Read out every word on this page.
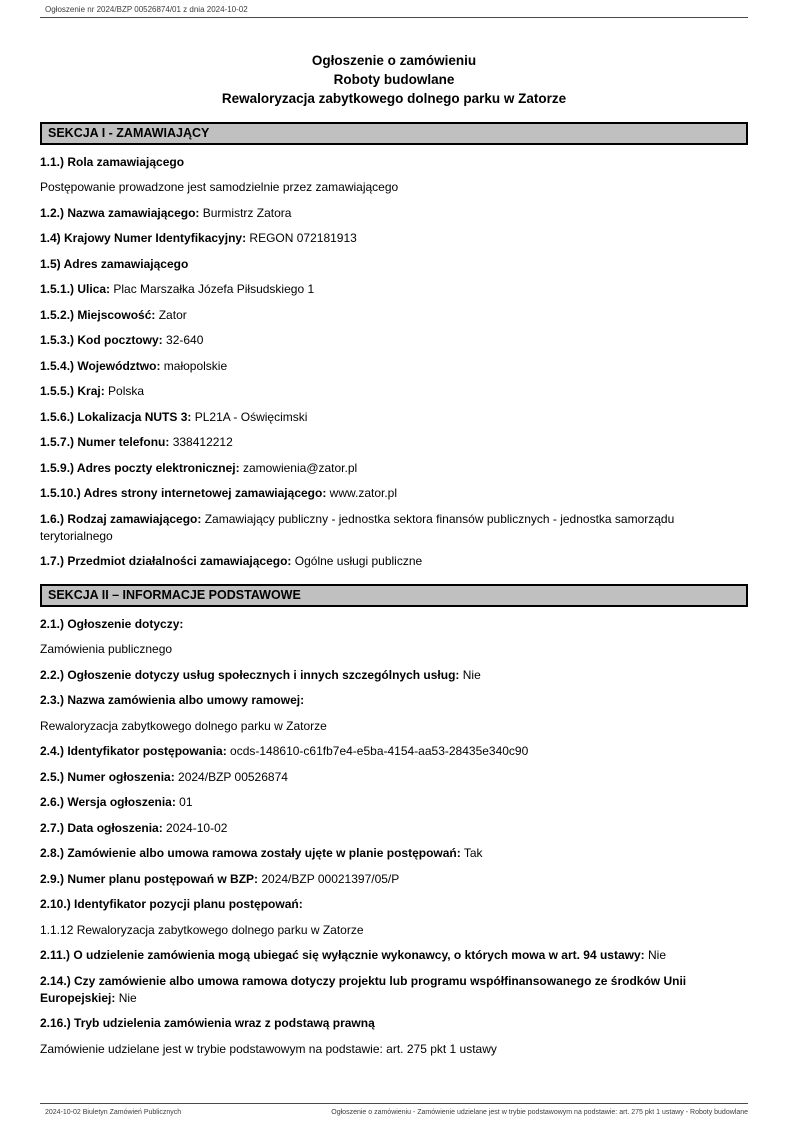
Ogłoszenie nr 2024/BZP 00526874/01 z dnia 2024-10-02
Ogłoszenie o zamówieniu
Roboty budowlane
Rewaloryzacja zabytkowego dolnego parku w Zatorze
SEKCJA I - ZAMAWIAJĄCY

1.1.) Rola zamawiającego

Postępowanie prowadzone jest samodzielnie przez zamawiającego

1.2.) Nazwa zamawiającego: Burmistrz Zatora

1.4) Krajowy Numer Identyfikacyjny: REGON 072181913

1.5) Adres zamawiającego

1.5.1.) Ulica: Plac Marszałka Józefa Piłsudskiego 1

1.5.2.) Miejscowość: Zator

1.5.3.) Kod pocztowy: 32-640

1.5.4.) Województwo: małopolskie

1.5.5.) Kraj: Polska

1.5.6.) Lokalizacja NUTS 3: PL21A - Oświęcimski

1.5.7.) Numer telefonu: 338412212

1.5.9.) Adres poczty elektronicznej: zamowienia@zator.pl

1.5.10.) Adres strony internetowej zamawiającego: www.zator.pl

1.6.) Rodzaj zamawiającego: Zamawiający publiczny - jednostka sektora finansów publicznych - jednostka samorządu terytorialnego

1.7.) Przedmiot działalności zamawiającego: Ogólne usługi publiczne

SEKCJA II – INFORMACJE PODSTAWOWE

2.1.) Ogłoszenie dotyczy:

Zamówienia publicznego

2.2.) Ogłoszenie dotyczy usług społecznych i innych szczególnych usług: Nie

2.3.) Nazwa zamówienia albo umowy ramowej:

Rewaloryzacja zabytkowego dolnego parku w Zatorze

2.4.) Identyfikator postępowania: ocds-148610-c61fb7e4-e5ba-4154-aa53-28435e340c90

2.5.) Numer ogłoszenia: 2024/BZP 00526874

2.6.) Wersja ogłoszenia: 01

2.7.) Data ogłoszenia: 2024-10-02

2.8.) Zamówienie albo umowa ramowa zostały ujęte w planie postępowań: Tak

2.9.) Numer planu postępowań w BZP: 2024/BZP 00021397/05/P

2.10.) Identyfikator pozycji planu postępowań:

1.1.12 Rewaloryzacja zabytkowego dolnego parku w Zatorze

2.11.) O udzielenie zamówienia mogą ubiegać się wyłącznie wykonawcy, o których mowa w art. 94 ustawy: Nie

2.14.) Czy zamówienie albo umowa ramowa dotyczy projektu lub programu współfinansowanego ze środków Unii Europejskiej: Nie

2.16.) Tryb udzielenia zamówienia wraz z podstawą prawną

Zamówienie udzielane jest w trybie podstawowym na podstawie: art. 275 pkt 1 ustawy

2024-10-02 Biuletyn Zamówień Publicznych	Ogłoszenie o zamówieniu - Zamówienie udzielane jest w trybie podstawowym na podstawie: art. 275 pkt 1 ustawy - Roboty budowlane
